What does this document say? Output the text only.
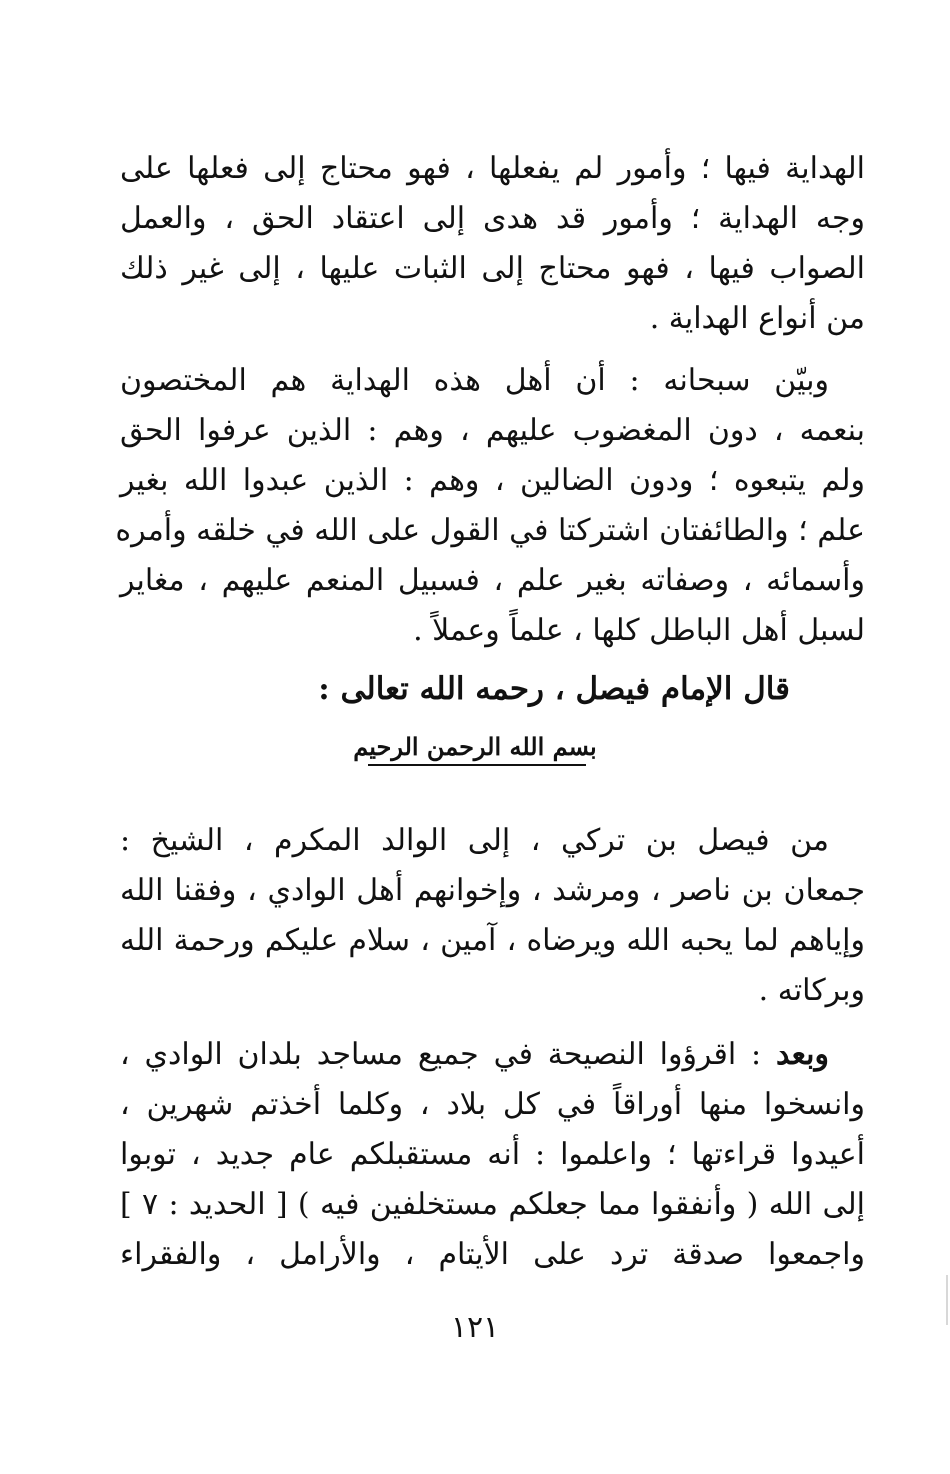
الهداية فيها ؛ وأمور لم يفعلها ، فهو محتاج إلى فعلها على
وجه الهداية ؛ وأمور قد هدى إلى اعتقاد الحق ، والعمل
الصواب فيها ، فهو محتاج إلى الثبات عليها ، إلى غير ذلك
من أنواع الهداية .
وبيّن سبحانه : أن أهل هذه الهداية هم المختصون
بنعمه ، دون المغضوب عليهم ، وهم : الذين عرفوا الحق
ولم يتبعوه ؛ ودون الضالين ، وهم : الذين عبدوا الله بغير
علم ؛ والطائفتان اشتركتا في القول على الله في خلقه وأمره
وأسمائه ، وصفاته بغير علم ، فسبيل المنعم عليهم ، مغاير
لسبل أهل الباطل كلها ، علماً وعملاً .
قال الإمام فيصل ، رحمه الله تعالى :
بسم الله الرحمن الرحيم
من فيصل بن تركي ، إلى الوالد المكرم ، الشيخ :
جمعان بن ناصر ، ومرشد ، وإخوانهم أهل الوادي ، وفقنا الله
وإياهم لما يحبه الله ويرضاه ، آمين ، سلام عليكم ورحمة الله
وبركاته .
وبعد : اقرؤوا النصيحة في جميع مساجد بلدان الوادي ،
وانسخوا منها أوراقاً في كل بلاد ، وكلما أخذتم شهرين ،
أعيدوا قراءتها ؛ واعلموا : أنه مستقبلكم عام جديد ، توبوا
إلى الله ( وأنفقوا مما جعلكم مستخلفين فيه ) [ الحديد : ٧ ]
واجمعوا صدقة ترد على الأيتام ، والأرامل ، والفقراء
١٢١
